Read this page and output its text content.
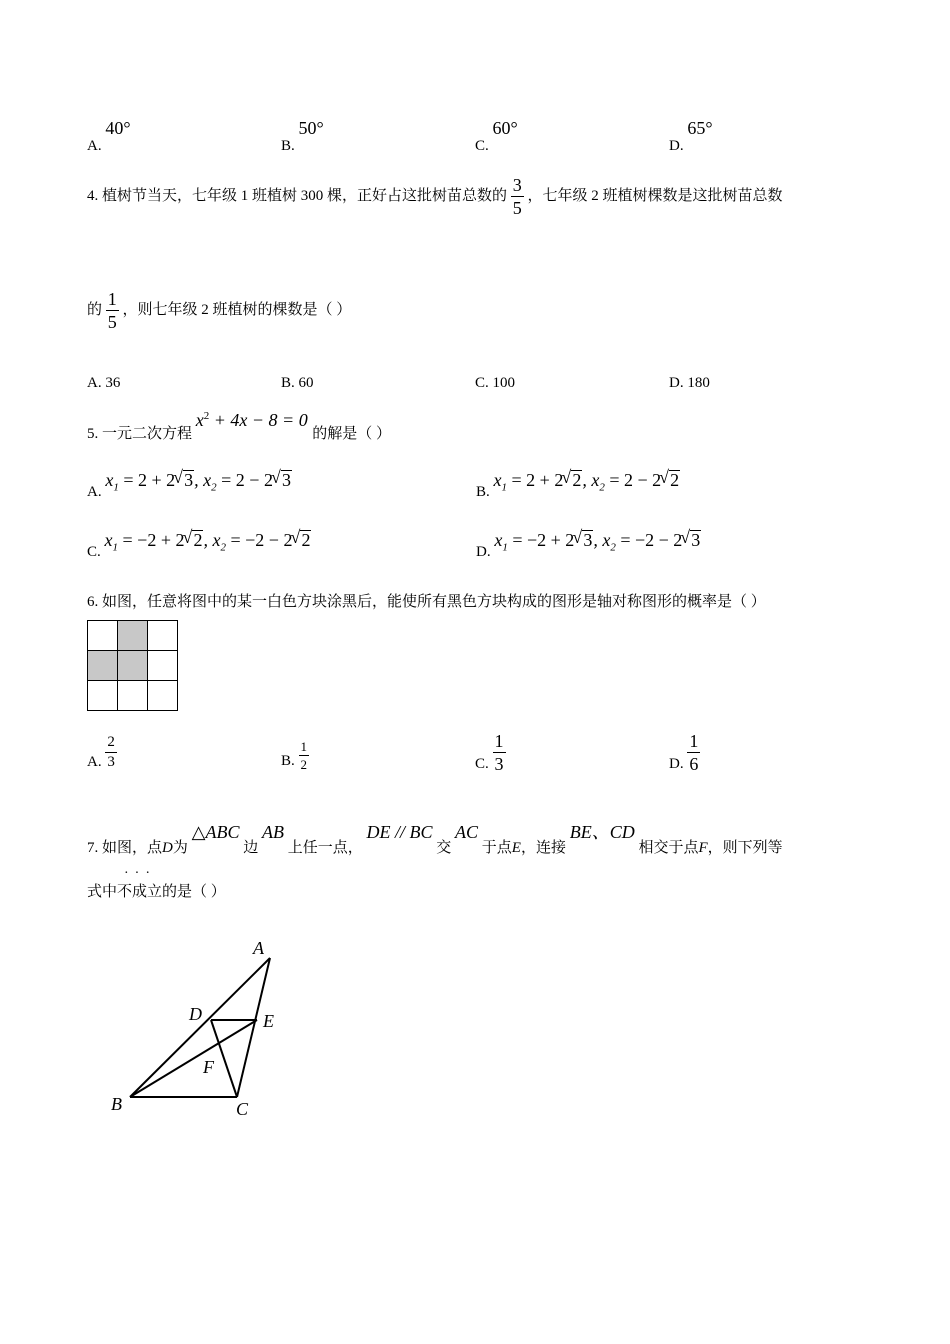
A. 40°
B. 50°
C. 60°
D. 65°
4. 植树节当天，七年级 1 班植树 300 棵，正好占这批树苗总数的 $\frac{3}{5}$ ，七年级 2 班植树棵数是这批树苗总数
的 $\frac{1}{5}$ ，则七年级 2 班植树的棵数是（ ）
A. 36	B. 60	C. 100	D. 180
5. 一元二次方程 $x^2 + 4x - 8 = 0$ 的解是（ ）
A. $x_1 = 2 + 2√$ 3, $x_2 = 2 - 2√$ 3
B. $x_1 = 2 + 2√$ 2, $x_2 = 2 - 2√$ 2
C. $x_1 = -2 + 2√$ 2, $x_2 = -2 - 2√$ 2
D. $x_1 = -2 + 2√$ 3, $x_2 = -2 - 2√$ 3
6. 如图，任意将图中的某一白色方块涂黑后，能使所有黑色方块构成的图形是轴对称图形的概率是（ ）

A. $\frac{2}{3}$	B. $\frac{1}{2}$	C. $\frac{1}{3}$	D. $\frac{1}{6}$
7. 如图，点D为 △ABC 边 AB 上任一点， DE // BC 交 AC 于点E，连接 BE、CD 相交于点F，则下列等
···
式中不成立的是（ ）
A
D	E
F
B	C
